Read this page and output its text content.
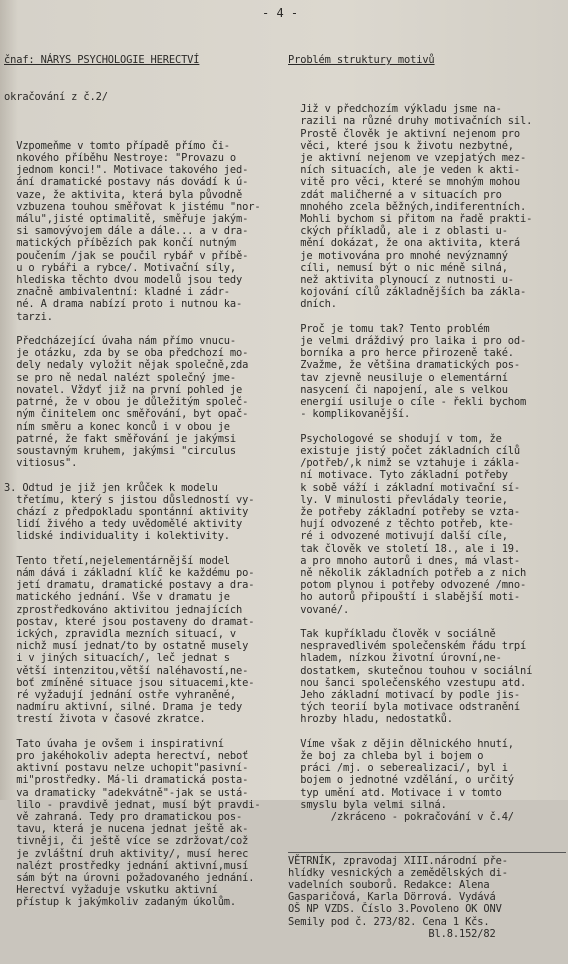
- 4 -

čnaf: NÁRYS PSYCHOLOGIE HERECTVÍ

okračování z č.2/

Vzpomeňme v tomto případě přímo či-

nkového příběhu Nestroye: "Provazu o

jednom konci!". Motivace takového jed-

ání dramatické postavy nás dovádí k ú-

vaze, že aktivita, která byla původně

vzbuzena touhou směřovat k jistému "nor-

málu",jisté optimalitě, směřuje jakým-

si samovývojem dále a dále... a v dra-

matických příbězích pak končí nutným

poučením /jak se poučil rybář v příbě-

u o rybáři a rybce/. Motivační síly,

hlediska těchto dvou modelů jsou tedy

značně ambivalentní: kladné i zádr-

né. A drama nabízí proto i nutnou ka-

tarzi.

Předcházející úvaha nám přímo vnucu-

je otázku, zda by se oba předchozí mo-

dely nedaly vyložit nějak společně,zda

se pro ně nedal nalézt společný jme-

novatel. Vždyť již na první pohled je

patrné, že v obou je důležitým společ-

ným činitelem onc směřování, byt opač-

ním směru a konec konců i v obou je

patrné, že fakt směřování je jakýmsi

soustavným kruhem, jakýmsi "circulus

vitiosus".

3. Odtud je již jen krůček k modelu

třetímu, který s jistou důsledností vy-

chází z předpokladu spontánní aktivity

lidí živého a tedy uvědomělé aktivity

lidské individuality i kolektivity.

Tento třetí,nejelementárnější model

nám dává i základní klíč ke každému po-

jetí dramatu, dramatické postavy a dra-

matického jednání. Vše v dramatu je

zprostředkováno aktivitou jednajících

postav, které jsou postaveny do dramat-

ických, zpravidla mezních situací, v

nichž musí jednat/to by ostatně musely

i v jiných situacích/, leč jednat s

větší intenzitou,větší naléhavostí,ne-

boť zmíněné situace jsou situacemi,kte-

ré vyžadují jednání ostře vyhraněné,

nadmíru aktivní, silné. Drama je tedy

trestí života v časové zkratce.

Tato úvaha je ovšem i inspirativní

pro jakéhokoliv adepta herectví, neboť

aktivní postavu nelze uchopit"pasivní-

mi"prostředky. Má-li dramatická posta-

va dramaticky "adekvátně"-jak se ustá-

lilo - pravdivě jednat, musí být pravdi-

vě zahraná. Tedy pro dramatickou pos-

tavu, která je nucena jednat ještě ak-

tivněji, či ještě více se zdržovat/což

je zvláštní druh aktivity/, musí herec

nalézt prostředky jednání aktivní,musí

sám být na úrovni požadovaného jednání.

Herectví vyžaduje vskutku aktivní

přístup k jakýmkoliv zadaným úkolům.

Problém struktury motivů

Již v předchozím výkladu jsme na-

razili na různé druhy motivačních sil.

Prostě člověk je aktivní nejenom pro

věci, které jsou k životu nezbytné,

je aktivní nejenom ve vzepjatých mez-

ních situacích, ale je veden k akti-

vitě pro věci, které se mnohým mohou

zdát maličherné a v situacích pro

mnohého zcela běžných,indiferentních.

Mohli bychom si přitom na řadě prakti-

ckých příkladů, ale i z oblasti u-

mění dokázat, že ona aktivita, která

je motivována pro mnohé nevýznamný

cíli, nemusí být o nic méně silná,

než aktivita plynoucí z nutnosti u-

kojování cílů základnějších ba zákla-

dních.

Proč je tomu tak? Tento problém

je velmi dráždivý pro laika i pro od-

borníka a pro herce přirozeně také.

Zvažme, že většina dramatických pos-

tav zjevně neusiluje o elementární

nasycení či napojení, ale s velkou

energií usiluje o cíle - řekli bychom

- komplikovanější.

Psychologové se shodují v tom, že

existuje jistý počet základních cílů

/potřeb/,k nimž se vztahuje i zákla-

ní motivace. Tyto základní potřeby

k sobě váží i základní motivační sí-

ly. V minulosti převládaly teorie,

že potřeby základní potřeby se vzta-

hují odvozené z těchto potřeb, kte-

ré i odvozené motivují další cíle,

tak člověk ve století 18., ale i 19.

a pro mnoho autorů i dnes, má vlast-

ně několik základních potřeb a z nich

potom plynou i potřeby odvozené /mno-

ho autorů připouští i slabější moti-

vované/.

Tak kupříkladu člověk v sociálně

nespravedlivém společenském řádu trpí

hladem, nízkou životní úrovní,ne-

dostatkem, skutečnou touhou v sociální

nou šanci společenského vzestupu atd.

Jeho základní motivací by podle jis-

tých teorií byla motivace odstranění

hrozby hladu, nedostatků.

Víme však z dějin dělnického hnutí,

že boj za chleba byl i bojem o

práci /mj. o seberealizaci/, byl i

bojem o jednotné vzdělání, o určitý

typ umění atd. Motivace i v tomto

smyslu byla velmi silná.

/zkráceno - pokračování v č.4/

VĚTRNÍK, zpravodaj XIII.národní pře-

hlídky vesnických a zemědělských di-

vadelních souborů. Redakce: Alena

Gasparičová, Karla Dörrová. Vydává

OŠ NP VZDS. Číslo 3.Povoleno OK ONV

Semily pod č. 273/82. Cena 1 Kčs.

Bl.8.152/82
